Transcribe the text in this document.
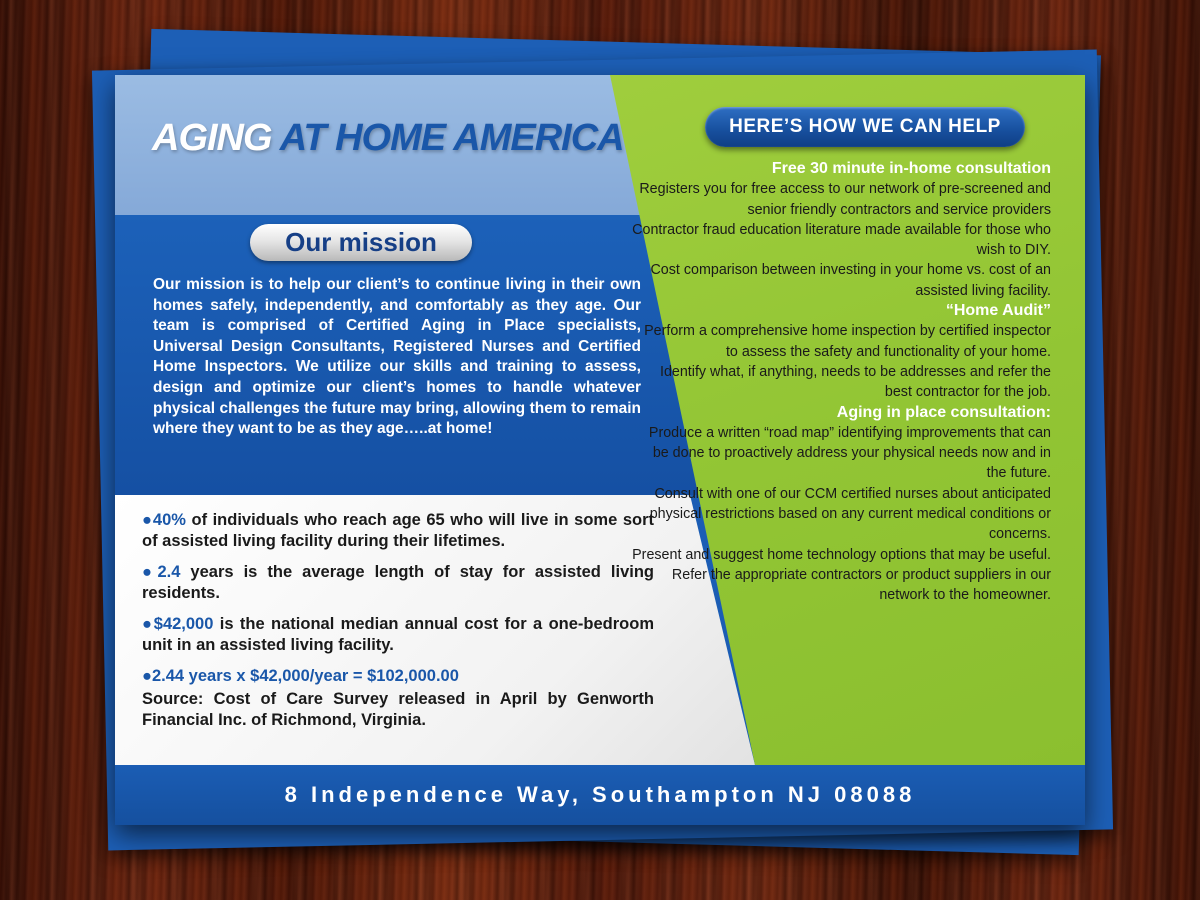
AGING AT HOME AMERICA
Our mission
Our mission is to help our client’s to continue living in their own homes safely, independently, and comfortably as they age. Our team is comprised of Certified Aging in Place specialists, Universal Design Consultants, Registered Nurses and Certified Home Inspectors. We utilize our skills and training to assess, design and optimize our client’s homes to handle whatever physical challenges the future may bring, allowing them to remain where they want to be as they age…..at home!
●40% of individuals who reach age 65 who will live in some sort of assisted living facility during their lifetimes.
●2.4 years is the average length of stay for assisted living residents.
●$42,000 is the national median annual cost for a one-bedroom unit in an assisted living facility.
●2.44 years x $42,000/year = $102,000.00
Source: Cost of Care Survey released in April by Genworth Financial Inc. of Richmond, Virginia.
HERE’S HOW WE CAN HELP

Free 30 minute in-home consultation

Registers you for free access to our network of pre-screened and senior friendly contractors and service providers

Contractor fraud education literature made available for those who wish to DIY.

Cost comparison between investing in your home vs. cost of an assisted living facility.

“Home Audit”

Perform a comprehensive home inspection by certified inspector to assess the safety and functionality of your home.

Identify what, if anything, needs to be addresses and refer the best contractor for the job.

Aging in place consultation:

Produce a written “road map” identifying improvements that can be done to proactively address your physical needs now and in the future.

Consult with one of our CCM certified nurses about anticipated physical restrictions based on any current medical conditions or concerns.

Present and suggest home technology options that may be useful.

Refer the appropriate contractors or product suppliers in our network to the homeowner.

8 Independence Way, Southampton NJ 08088
